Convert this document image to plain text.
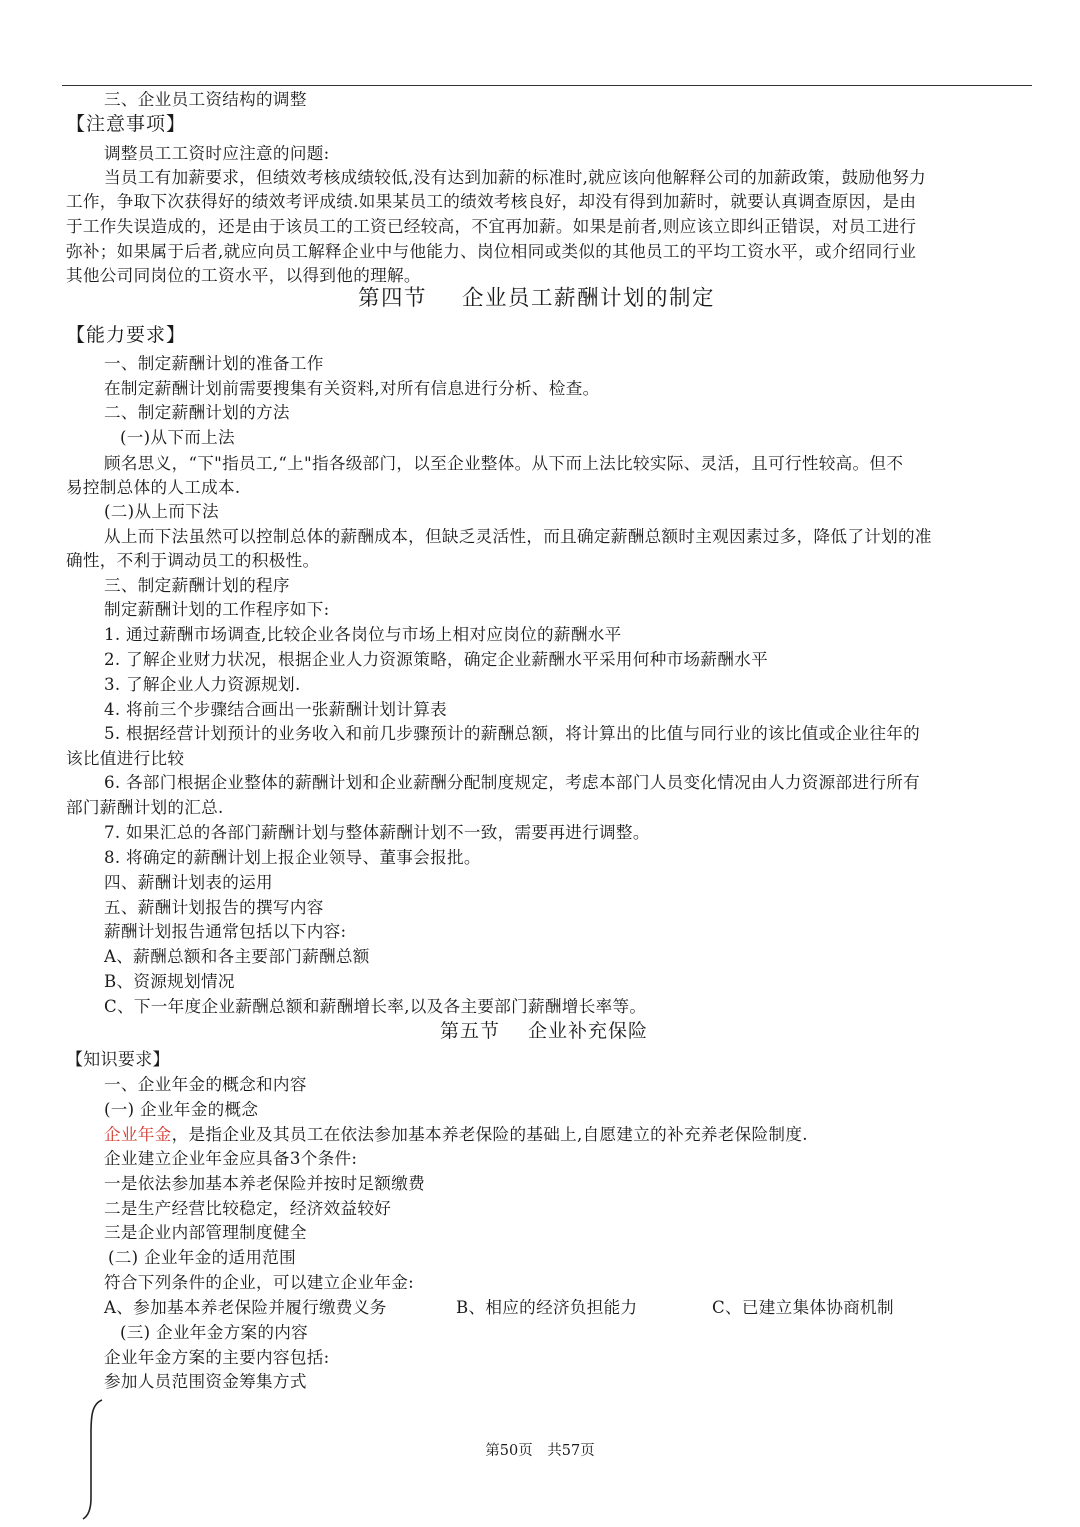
三、企业员工资结构的调整
【注意事项】
调整员工工资时应注意的问题:
当员工有加薪要求，但绩效考核成绩较低,没有达到加薪的标准时,就应该向他解释公司的加薪政策，鼓励他努力
工作，争取下次获得好的绩效考评成绩.如果某员工的绩效考核良好，却没有得到加薪时，就要认真调查原因，是由
于工作失误造成的，还是由于该员工的工资已经较高，不宜再加薪。如果是前者,则应该立即纠正错误，对员工进行
弥补；如果属于后者,就应向员工解释企业中与他能力、岗位相同或类似的其他员工的平均工资水平，或介绍同行业
其他公司同岗位的工资水平，以得到他的理解。
第四节 企业员工薪酬计划的制定
【能力要求】
一、制定薪酬计划的准备工作
在制定薪酬计划前需要搜集有关资料,对所有信息进行分析、检查。
二、制定薪酬计划的方法
(一)从下而上法
顾名思义，“下"指员工,“上"指各级部门，以至企业整体。从下而上法比较实际、灵活，且可行性较高。但不
易控制总体的人工成本.
(二)从上而下法
从上而下法虽然可以控制总体的薪酬成本，但缺乏灵活性，而且确定薪酬总额时主观因素过多，降低了计划的准
确性，不利于调动员工的积极性。
三、制定薪酬计划的程序
制定薪酬计划的工作程序如下:
1. 通过薪酬市场调查,比较企业各岗位与市场上相对应岗位的薪酬水平
2. 了解企业财力状况，根据企业人力资源策略，确定企业薪酬水平采用何种市场薪酬水平
3. 了解企业人力资源规划.
4. 将前三个步骤结合画出一张薪酬计划计算表
5. 根据经营计划预计的业务收入和前几步骤预计的薪酬总额，将计算出的比值与同行业的该比值或企业往年的
该比值进行比较
6. 各部门根据企业整体的薪酬计划和企业薪酬分配制度规定，考虑本部门人员变化情况由人力资源部进行所有
部门薪酬计划的汇总.
7. 如果汇总的各部门薪酬计划与整体薪酬计划不一致，需要再进行调整。
8. 将确定的薪酬计划上报企业领导、董事会报批。
四、薪酬计划表的运用
五、薪酬计划报告的撰写内容
薪酬计划报告通常包括以下内容:
A、薪酬总额和各主要部门薪酬总额
B、资源规划情况
C、下一年度企业薪酬总额和薪酬增长率,以及各主要部门薪酬增长率等。
第五节 企业补充保险
【知识要求】
一、企业年金的概念和内容
(一) 企业年金的概念
企业年金，是指企业及其员工在依法参加基本养老保险的基础上,自愿建立的补充养老保险制度.
企业建立企业年金应具备3个条件:
一是依法参加基本养老保险并按时足额缴费
二是生产经营比较稳定，经济效益较好
三是企业内部管理制度健全
(二) 企业年金的适用范围
符合下列条件的企业，可以建立企业年金:
A、参加基本养老保险并履行缴费义务	B、相应的经济负担能力	C、已建立集体协商机制
(三) 企业年金方案的内容
企业年金方案的主要内容包括:
参加人员范围资金筹集方式
第50页　共57页
